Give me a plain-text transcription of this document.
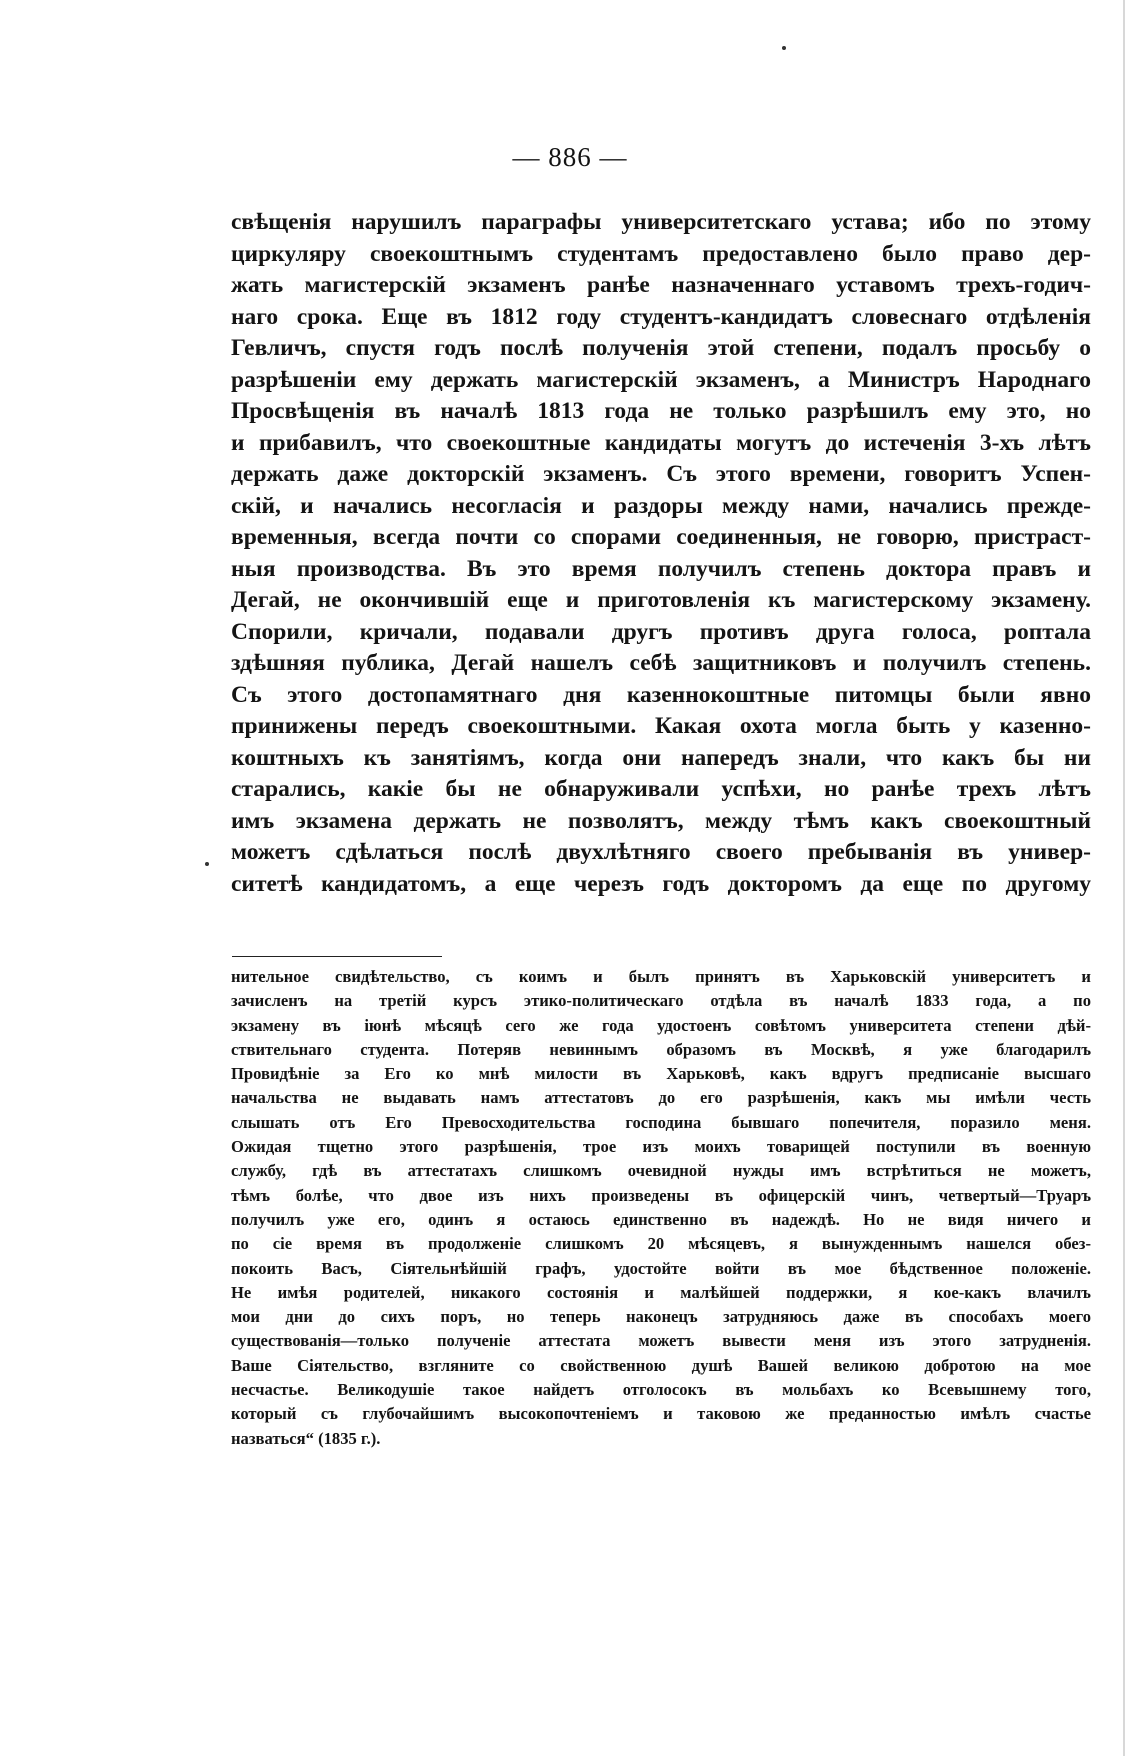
— 886 —
свѣщенія нарушилъ параграфы университетскаго устава; ибо по этому
циркуляру своекоштнымъ студентамъ предоставлено было право дер-
жать магистерскій экзаменъ ранѣе назначеннаго уставомъ трехъ-годич-
наго срока. Еще въ 1812 году студентъ-кандидатъ словеснаго отдѣленія
Гевличъ, спустя годъ послѣ полученія этой степени, подалъ просьбу о
разрѣшеніи ему держать магистерскій экзаменъ, а Министръ Народнаго
Просвѣщенія въ началѣ 1813 года не только разрѣшилъ ему это, но
и прибавилъ, что своекоштные кандидаты могутъ до истеченія 3-хъ лѣтъ
держать даже докторскій экзаменъ. Съ этого времени, говоритъ Успен-
скій, и начались несогласія и раздоры между нами, начались прежде-
временныя, всегда почти со спорами соединенныя, не говорю, пристраст-
ныя производства. Въ это время получилъ степень доктора правъ и
Дегай, не окончившій еще и приготовленія къ магистерскому экзамену.
Спорили, кричали, подавали другъ противъ друга голоса, роптала
здѣшняя публика, Дегай нашелъ себѣ защитниковъ и получилъ степень.
Съ этого достопамятнаго дня казеннокоштные питомцы были явно
принижены передъ своекоштными. Какая охота могла быть у казенно-
коштныхъ къ занятіямъ, когда они напередъ знали, что какъ бы ни
старались, какіе бы не обнаруживали успѣхи, но ранѣе трехъ лѣтъ
имъ экзамена держать не позволятъ, между тѣмъ какъ своекоштный
можетъ сдѣлаться послѣ двухлѣтняго своего пребыванія въ универ-
ситетѣ кандидатомъ, а еще черезъ годъ докторомъ да еще по другому
нительное свидѣтельство, съ коимъ и былъ принятъ въ Харьковскій университетъ и
зачисленъ на третій курсъ этико-политическаго отдѣла въ началѣ 1833 года, а по
экзамену въ іюнѣ мѣсяцѣ сего же года удостоенъ совѣтомъ университета степени дѣй-
ствительнаго студента. Потеряв невиннымъ образомъ въ Москвѣ, я уже благодарилъ
Провидѣніе за Его ко мнѣ милости въ Харьковѣ, какъ вдругъ предписаніе высшаго
начальства не выдавать намъ аттестатовъ до его разрѣшенія, какъ мы имѣли честь
слышать отъ Его Превосходительства господина бывшаго попечителя, поразило меня.
Ожидая тщетно этого разрѣшенія, трое изъ моихъ товарищей поступили въ военную
службу, гдѣ въ аттестатахъ слишкомъ очевидной нужды имъ встрѣтиться не можетъ,
тѣмъ болѣе, что двое изъ нихъ произведены въ офицерскій чинъ, четвертый—Труаръ
получилъ уже его, одинъ я остаюсь единственно въ надеждѣ. Но не видя ничего и
по сіе время въ продолженіе слишкомъ 20 мѣсяцевъ, я вынужденнымъ нашелся обез-
покоить Васъ, Сіятельнѣйшій графъ, удостойте войти въ мое бѣдственное положеніе.
Не имѣя родителей, никакого состоянія и малѣйшей поддержки, я кое-какъ влачилъ
мои дни до сихъ поръ, но теперь наконецъ затрудняюсь даже въ способахъ моего
существованія—только полученіе аттестата можетъ вывести меня изъ этого затрудненія.
Ваше Сіятельство, взгляните со свойственною душѣ Вашей великою добротою на мое
несчастье. Великодушіе такое найдетъ отголосокъ въ мольбахъ ко Всевышнему того,
который съ глубочайшимъ высокопочтеніемъ и таковою же преданностью имѣлъ счастье
назваться“ (1835 г.).
